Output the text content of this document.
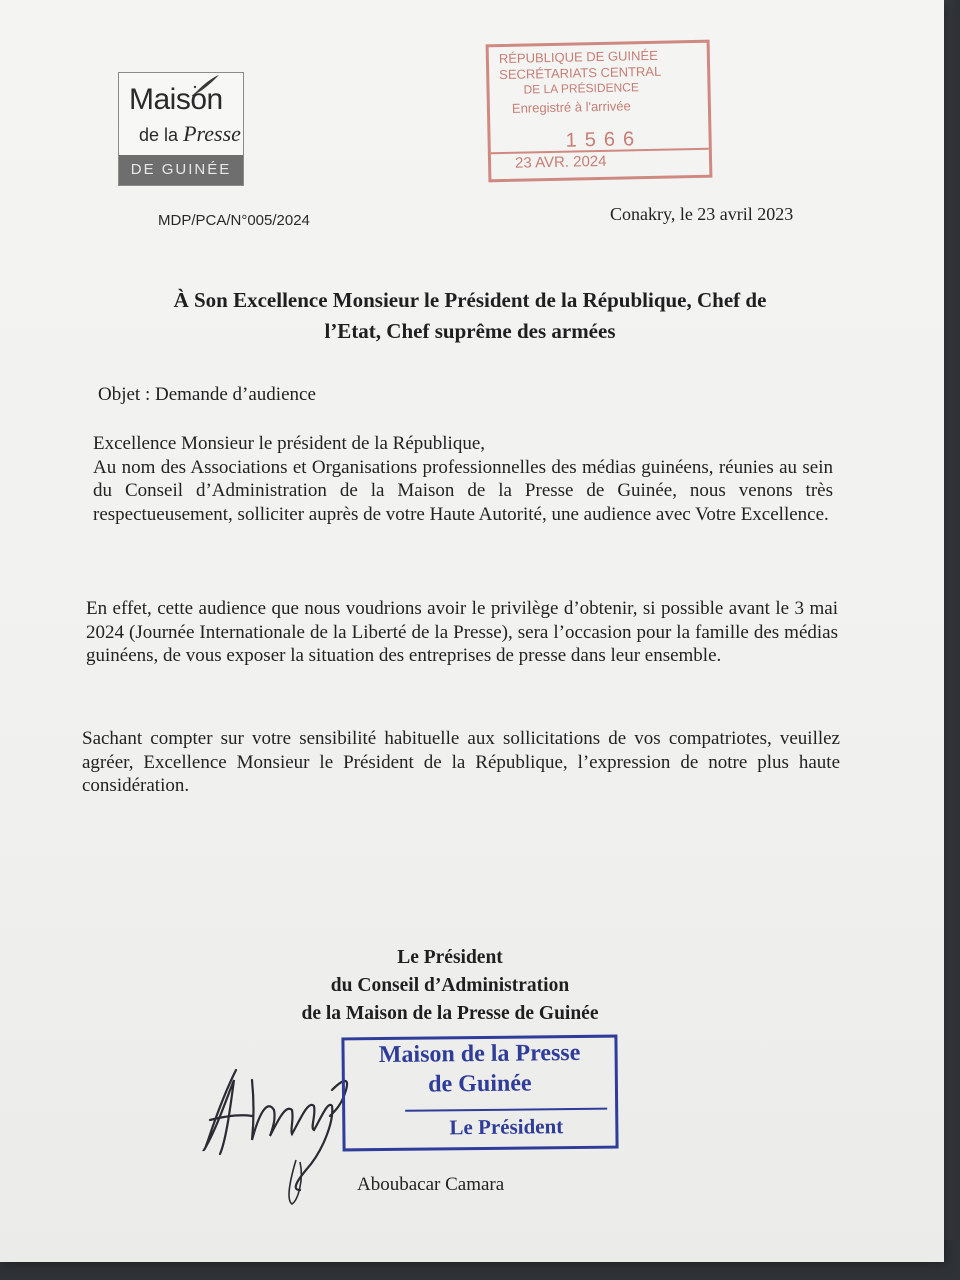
Maison
de la Presse
DE GUINÉE
RÉPUBLIQUE DE GUINÉE
SECRÉTARIATS CENTRAL
DE LA PRÉSIDENCE
Enregistré à l'arrivée
1566
23 AVR. 2024
MDP/PCA/N°005/2024	Conakry, le 23 avril 2023
À Son Excellence Monsieur le Président de la République, Chef de
l’Etat, Chef suprême des armées
Objet : Demande d’audience
Excellence Monsieur le président de la République,
Au nom des Associations et Organisations professionnelles des médias guinéens, réunies au sein du Conseil d’Administration de la Maison de la Presse de Guinée, nous venons très respectueusement, solliciter auprès de votre Haute Autorité, une audience avec Votre Excellence.
En effet, cette audience que nous voudrions avoir le privilège d’obtenir, si possible avant le 3 mai 2024 (Journée Internationale de la Liberté de la Presse), sera l’occasion pour la famille des médias guinéens, de vous exposer la situation des entreprises de presse dans leur ensemble.
Sachant compter sur votre sensibilité habituelle aux sollicitations de vos compatriotes, veuillez agréer, Excellence Monsieur le Président de la République, l’expression de notre plus haute considération.
Le Président
du Conseil d’Administration
de la Maison de la Presse de Guinée
Maison de la Presse
de Guinée
Le Président
Aboubacar Camara
